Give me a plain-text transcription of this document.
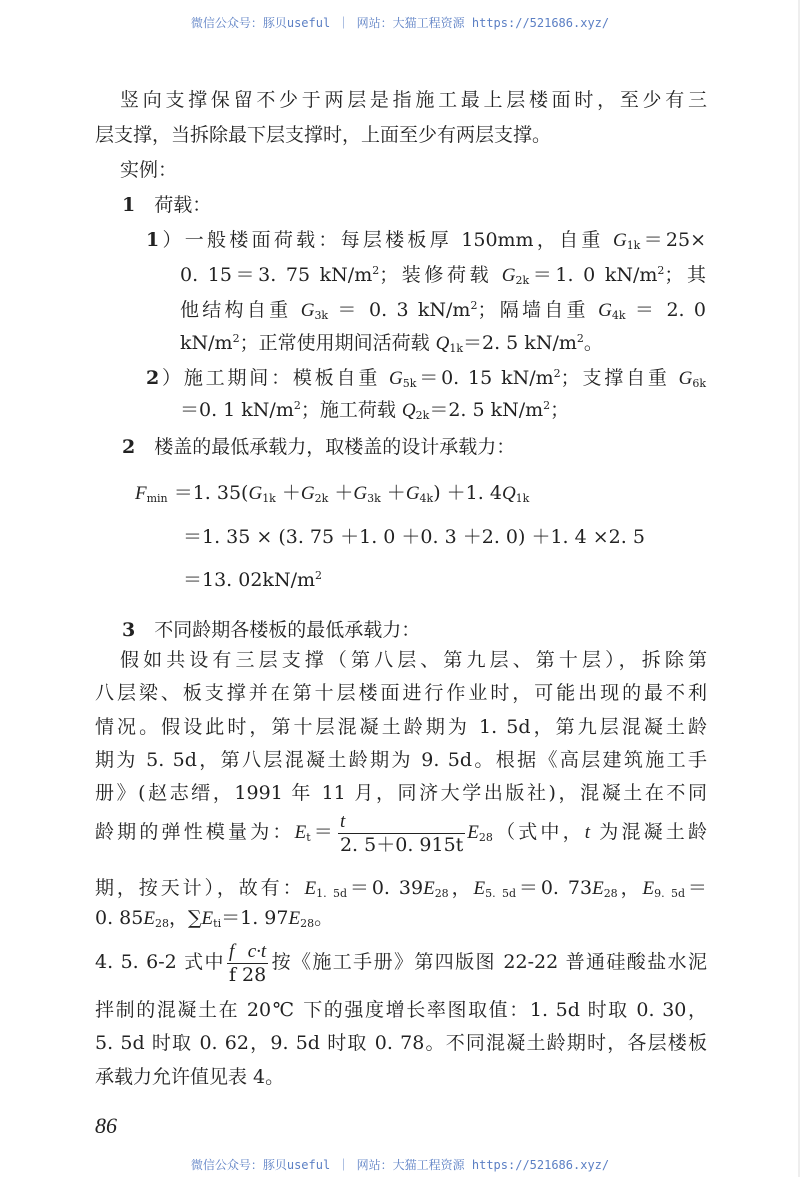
微信公众号：豚贝useful ｜ 网站：大猫工程资源 https://521686.xyz/
竖向支撑保留不少于两层是指施工最上层楼面时，至少有三
层支撑，当拆除最下层支撑时，上面至少有两层支撑。
实例：
1　荷载：
1）一般楼面荷载：每层楼板厚 150mm，自重 $G_{1k}=25\times$
0. 15＝3. 75 $kN/m^2$；装修荷载 $G_{2k}=1$. 0 $kN/m^2$；其
他结构自重 $G_{3k} = 0$. 3 $kN/m^2$；隔墙自重 $G_{4k} = 2$. 0
$kN/m^2$；正常使用期间活荷载 $Q_{1k}=2$. 5 $kN/m^2$。
2）施工期间：模板自重 $G_{5k}=0$. 15 $kN/m^2$；支撑自重 $G_{6k}$
＝0. 1 $kN/m^2$；施工荷载 $Q_{2k}=2$. 5 $kN/m^2$；
2　楼盖的最低承载力，取楼盖的设计承载力：
$F_{min} =1$. $35(G_{1k} +G_{2k} +G_{3k} +G_{4k}) +1$. $4Q_{1k}$
＝1. 35 × (3. 75 ＋1. 0 ＋0. 3 ＋2. 0) ＋1. 4 ×2. 5
＝13. $02kN/m^2$
3　不同龄期各楼板的最低承载力：
假如共设有三层支撑（第八层、第九层、第十层），拆除第
八层梁、板支撑并在第十层楼面进行作业时，可能出现的最不利
情况。假设此时，第十层混凝土龄期为 1. 5d，第九层混凝土龄
期为 5. 5d，第八层混凝土龄期为 9. 5d。根据《高层建筑施工手
册》(赵志缙，1991 年 11 月，同济大学出版社)，混凝土在不同
龄期的弹性模量为：$E_t= \frac{t}{2. 5+0. 915t} E_{28}$（式中，t 为混凝土龄
期，按天计），故有：$E_{1. 5d}=0$. $39E_{28}$，$E_{5. 5d}=0$. $73E_{28}$，$E_{9. 5d}=$
0. $85E_{28}$，$\sum E_{ti}=1$. $97E_{28}$。
4. 5. 6-2 式中 $\frac{\text{f c·t}}{f 28}$ 按《施工手册》第四版图 22-22 普通硅酸盐水泥
拌制的混凝土在 20℃ 下的强度增长率图取值：1. 5d 时取 0. 30，
5. 5d 时取 0. 62，9. 5d 时取 0. 78。不同混凝土龄期时，各层楼板
承载力允许值见表 4。
86
微信公众号：豚贝useful ｜ 网站：大猫工程资源 https://521686.xyz/
